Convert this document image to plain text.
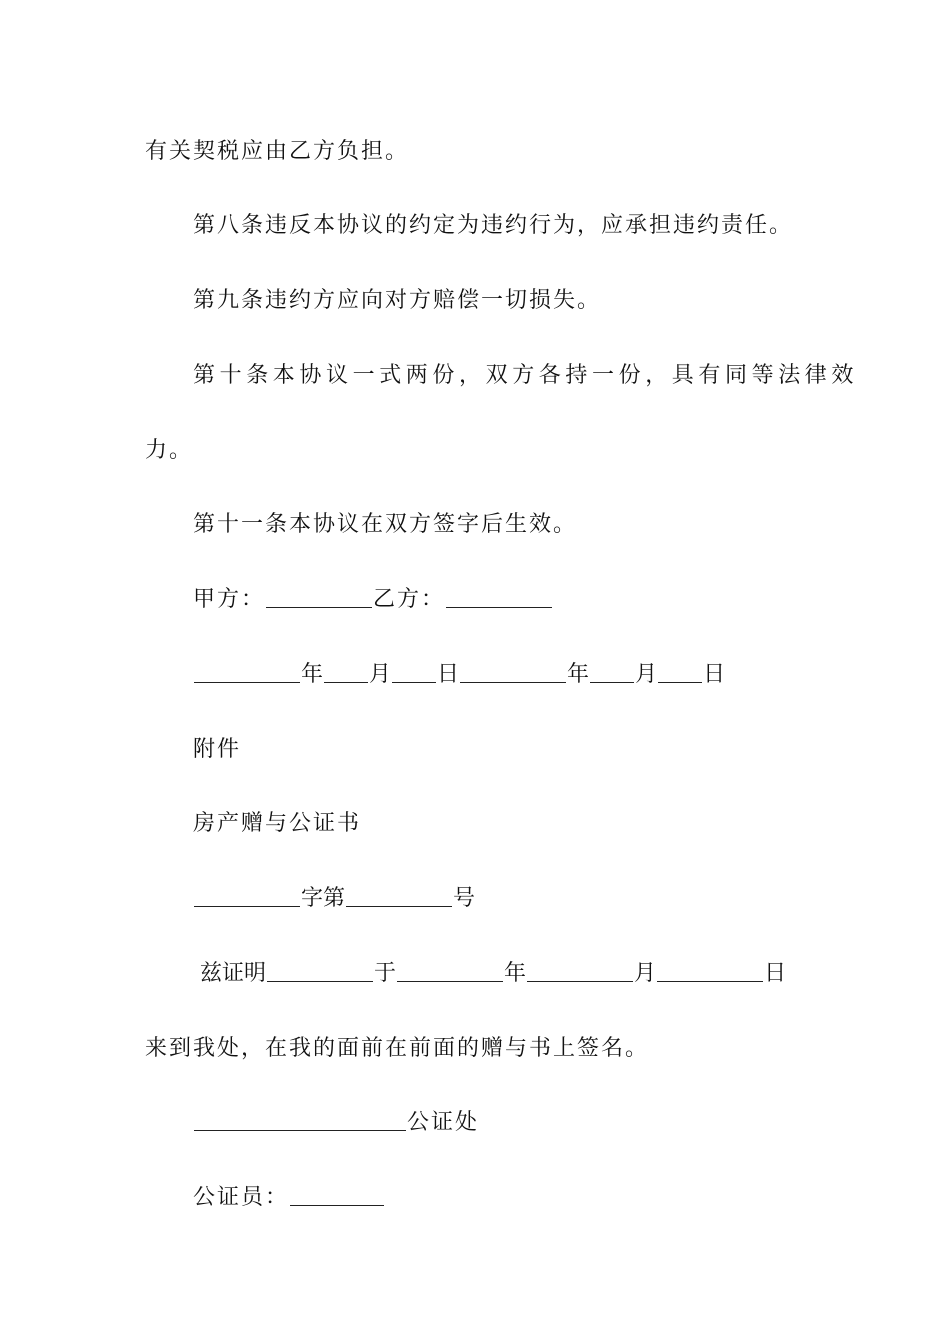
有关契税应由乙方负担。
第八条违反本协议的约定为违约行为，应承担违约责任。
第九条违约方应向对方赔偿一切损失。
第十条本协议一式两份，双方各持一份，具有同等法律效
力。
第十一条本协议在双方签字后生效。
甲方：	乙方：
年 月 日	年 月 日
附件
房产赠与公证书
字第	号
兹证明	于	年	月	日
来到我处，在我的面前在前面的赠与书上签名。
公证处
公证员：
